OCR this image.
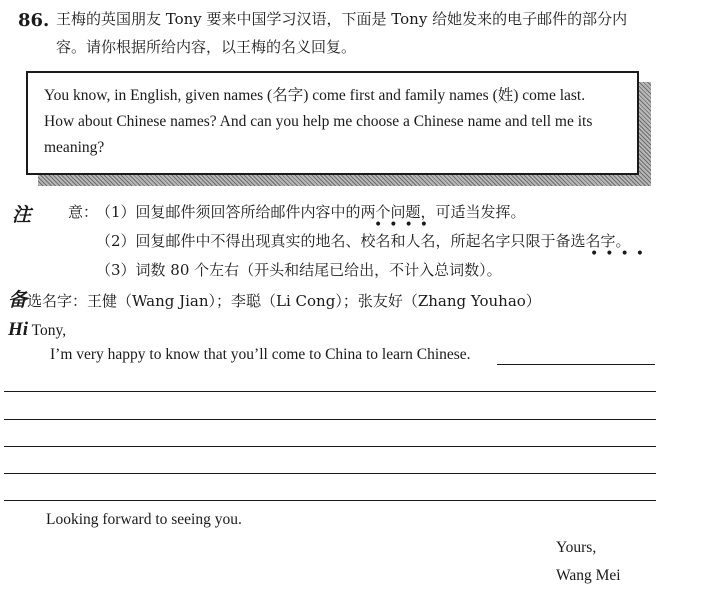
86. 王梅的英国朋友 Tony 要来中国学习汉语，下面是 Tony 给她发来的电子邮件的部分内
容。请你根据所给内容，以王梅的名义回复。
You know, in English, given names (名字) come first and family names (姓) come last.
How about Chinese names? And can you help me choose a Chinese name and tell me its
meaning?
注 意：
（1）回复邮件须回答所给邮件内容中的两个问题，可适当发挥。
••••
（2）回复邮件中不得出现真实的地名、校名和人名，所起名字只限于备选名字。
••••
（3）词数 80 个左右（开头和结尾已给出，不计入总词数）。
备选名字：王健（Wang Jian）；李聪（Li Cong）；张友好（Zhang Youhao）
Hi Tony,
I’m very happy to know that you’ll come to China to learn Chinese.
Looking forward to seeing you.
Yours,
Wang Mei
